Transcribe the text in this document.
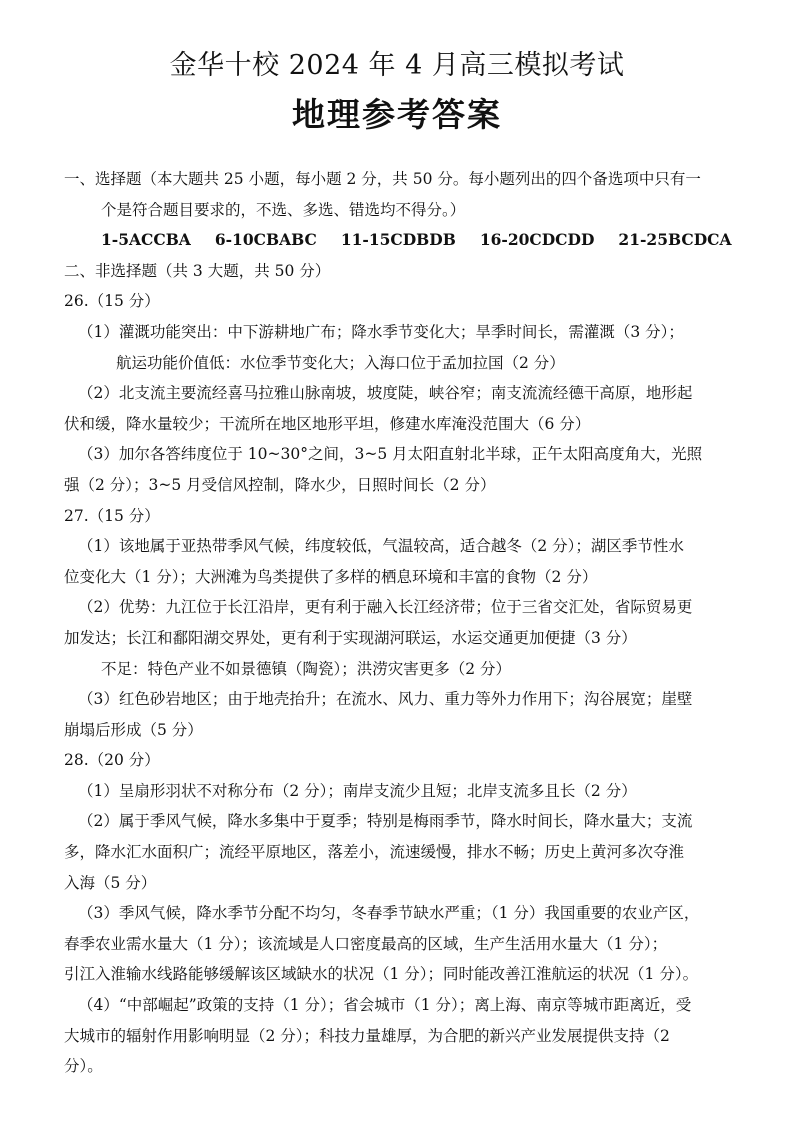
金华十校 2024 年 4 月高三模拟考试
地理参考答案
一、选择题（本大题共 25 小题，每小题 2 分，共 50 分。每小题列出的四个备选项中只有一
个是符合题目要求的，不选、多选、错选均不得分。）
1-5ACCBA 6-10CBABC 11-15CDBDB 16-20CDCDD 21-25BCDCA
二、非选择题（共 3 大题，共 50 分）
26.（15 分）
（1）灌溉功能突出：中下游耕地广布；降水季节变化大；旱季时间长，需灌溉（3 分）；
航运功能价值低：水位季节变化大；入海口位于孟加拉国（2 分）
（2）北支流主要流经喜马拉雅山脉南坡，坡度陡，峡谷窄；南支流流经德干高原，地形起
伏和缓，降水量较少；干流所在地区地形平坦，修建水库淹没范围大（6 分）
（3）加尔各答纬度位于 10~30°之间，3~5 月太阳直射北半球，正午太阳高度角大，光照
强（2 分）；3~5 月受信风控制，降水少，日照时间长（2 分）
27.（15 分）
（1）该地属于亚热带季风气候，纬度较低，气温较高，适合越冬（2 分）；湖区季节性水
位变化大（1 分）；大洲滩为鸟类提供了多样的栖息环境和丰富的食物（2 分）
（2）优势：九江位于长江沿岸，更有利于融入长江经济带；位于三省交汇处，省际贸易更
加发达；长江和鄱阳湖交界处，更有利于实现湖河联运，水运交通更加便捷（3 分）
不足：特色产业不如景德镇（陶瓷）；洪涝灾害更多（2 分）
（3）红色砂岩地区；由于地壳抬升；在流水、风力、重力等外力作用下；沟谷展宽；崖壁
崩塌后形成（5 分）
28.（20 分）
（1）呈扇形羽状不对称分布（2 分）；南岸支流少且短；北岸支流多且长（2 分）
（2）属于季风气候，降水多集中于夏季；特别是梅雨季节，降水时间长，降水量大；支流
多，降水汇水面积广；流经平原地区，落差小，流速缓慢，排水不畅；历史上黄河多次夺淮
入海（5 分）
（3）季风气候，降水季节分配不均匀，冬春季节缺水严重；（1 分）我国重要的农业产区，
春季农业需水量大（1 分）；该流域是人口密度最高的区域，生产生活用水量大（1 分）；
引江入淮输水线路能够缓解该区域缺水的状况（1 分）；同时能改善江淮航运的状况（1 分）。
（4）“中部崛起”政策的支持（1 分）；省会城市（1 分）；离上海、南京等城市距离近，受
大城市的辐射作用影响明显（2 分）；科技力量雄厚，为合肥的新兴产业发展提供支持（2
分）。
